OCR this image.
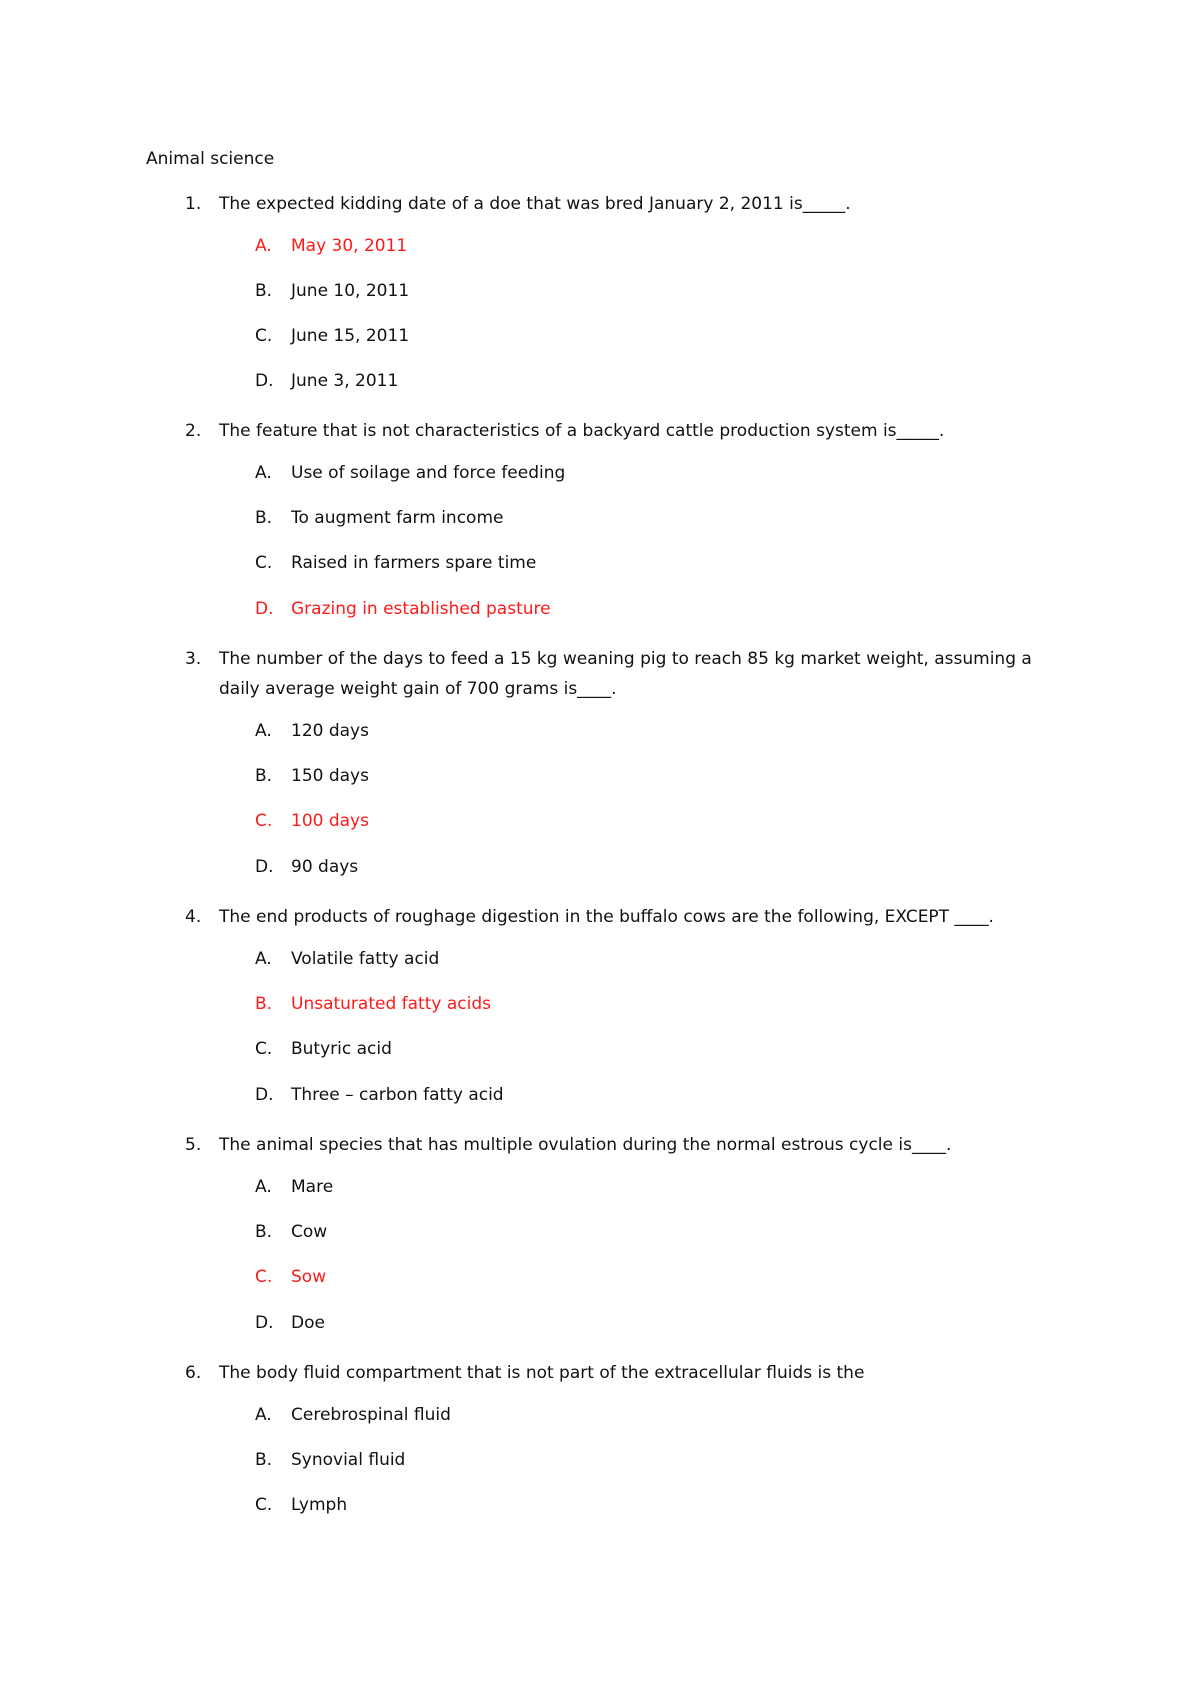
Animal science
1. The expected kidding date of a doe that was bred January 2, 2011 is_____.
A. May 30, 2011
B. June 10, 2011
C. June 15, 2011
D. June 3, 2011
2. The feature that is not characteristics of a backyard cattle production system is_____.
A. Use of soilage and force feeding
B. To augment farm income
C. Raised in farmers spare time
D. Grazing in established pasture
3. The number of the days to feed a 15 kg weaning pig to reach 85 kg market weight, assuming a daily average weight gain of 700 grams is____.
A. 120 days
B. 150 days
C. 100 days
D. 90 days
4. The end products of roughage digestion in the buffalo cows are the following, EXCEPT ____.
A. Volatile fatty acid
B. Unsaturated fatty acids
C. Butyric acid
D. Three – carbon fatty acid
5. The animal species that has multiple ovulation during the normal estrous cycle is____.
A. Mare
B. Cow
C. Sow
D. Doe
6. The body fluid compartment that is not part of the extracellular fluids is the
A. Cerebrospinal fluid
B. Synovial fluid
C. Lymph
